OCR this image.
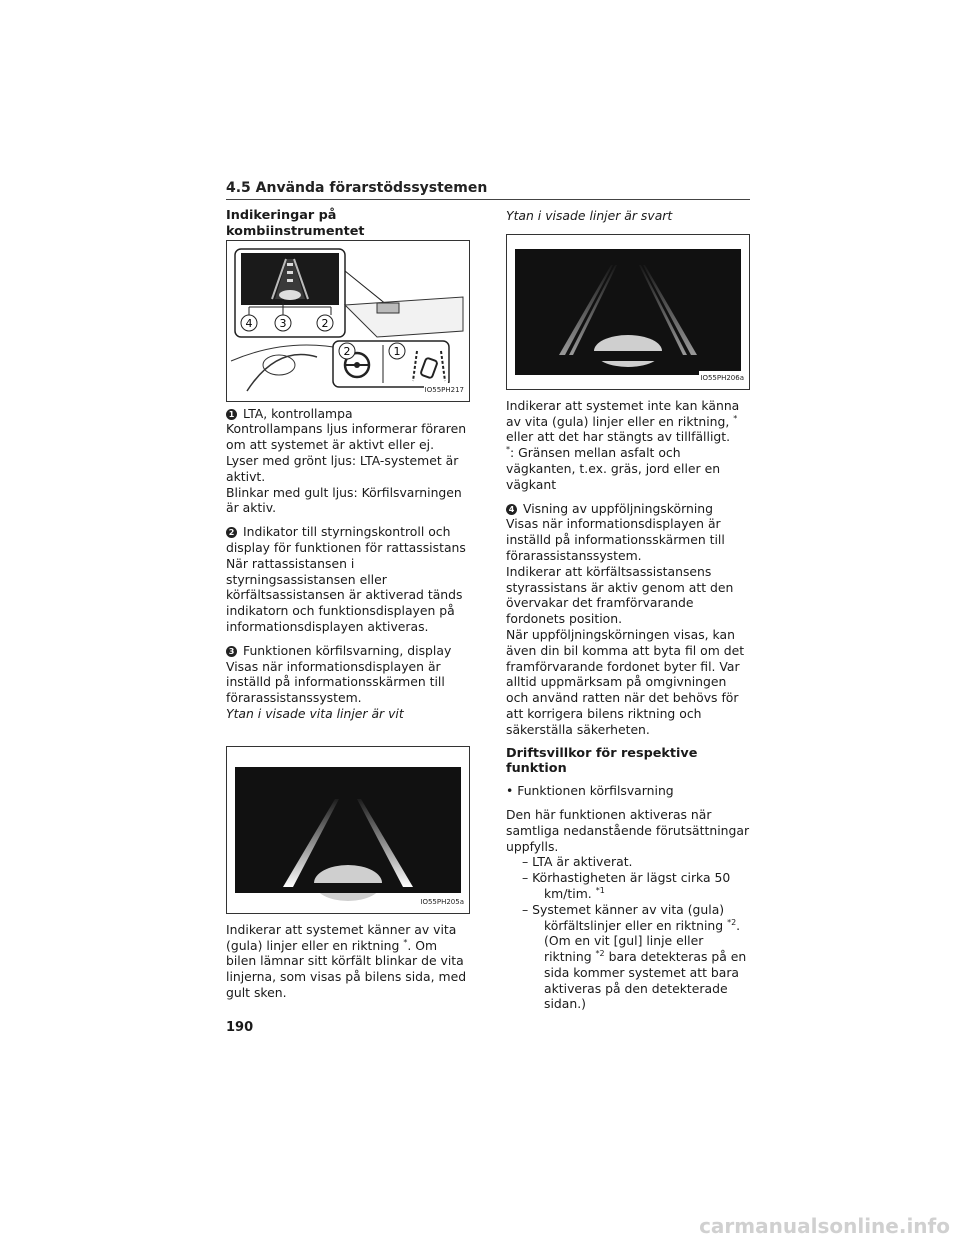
4.5 Använda förarstödssystemen

Indikeringar på kombiinstrumentet

4 3	2
2	1
IO55PH217

1 LTA, kontrollampa

Kontrollampans ljus informerar föraren om att systemet är aktivt eller ej.

Lyser med grönt ljus: LTA-systemet är aktivt.

Blinkar med gult ljus: Körfilsvarningen är aktiv.

2 Indikator till styrningskontroll och display för funktionen för rattassistans

När rattassistansen i styrningsassistansen eller körfältsassistansen är aktiverad tänds indikatorn och funktionsdisplayen på informationsdisplayen aktiveras.

3 Funktionen körfilsvarning, display

Visas när informationsdisplayen är inställd på informationsskärmen till förarassistanssystem.

Ytan i visade vita linjer är vit

IO55PH205a

Indikerar att systemet känner av vita (gula) linjer eller en riktning *. Om bilen lämnar sitt körfält blinkar de vita linjerna, som visas på bilens sida, med gult sken.

Ytan i visade linjer är svart

IO55PH206a

Indikerar att systemet inte kan känna av vita (gula) linjer eller en riktning, * eller att det har stängts av tillfälligt.

*: Gränsen mellan asfalt och vägkanten, t.ex. gräs, jord eller en vägkant

4 Visning av uppföljningskörning

Visas när informationsdisplayen är inställd på informationsskärmen till förarassistanssystem.

Indikerar att körfältsassistansens styrassistans är aktiv genom att den övervakar det framförvarande fordonets position.

När uppföljningskörningen visas, kan även din bil komma att byta fil om det framförvarande fordonet byter fil. Var alltid uppmärksam på omgivningen och använd ratten när det behövs för att korrigera bilens riktning och säkerställa säkerheten.

Driftsvillkor för respektive funktion

• Funktionen körfilsvarning

Den här funktionen aktiveras när samtliga nedanstående förutsättningar uppfylls.

– LTA är aktiverat.

– Körhastigheten är lägst cirka 50 km/tim. $^{*1}$

– Systemet känner av vita (gula) körfältslinjer eller en riktning $^{*2}$. (Om en vit [gul] linje eller riktning $^{*2}$ bara detekteras på en sida kommer systemet att bara aktiveras på den detekterade sidan.)

190
carmanualsonline.info
